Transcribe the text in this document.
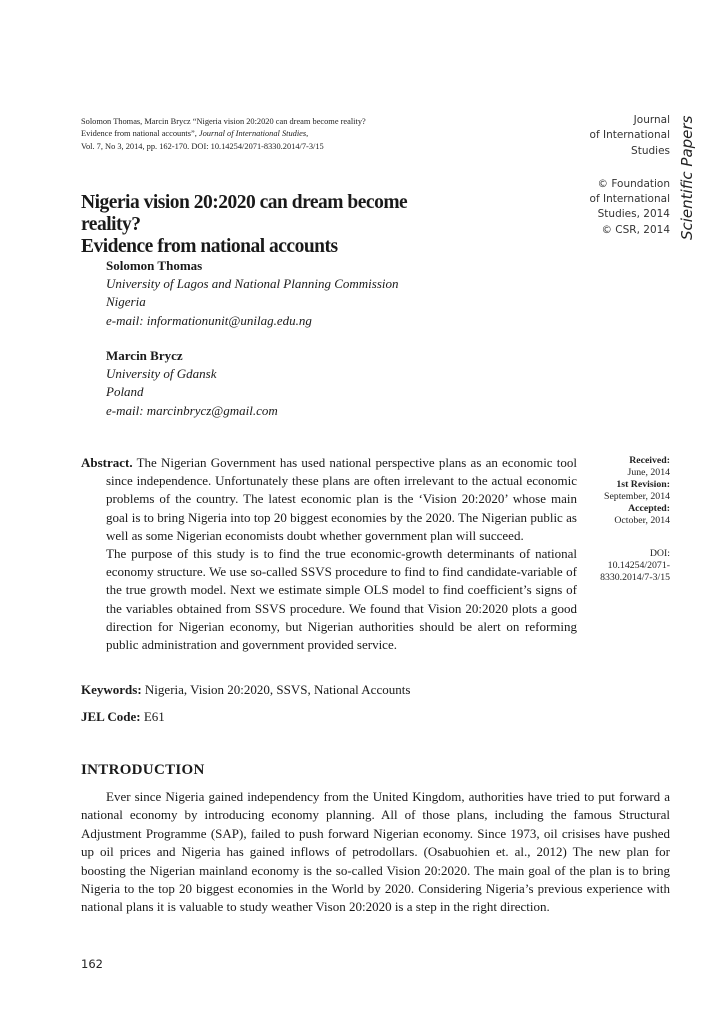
Solomon Thomas, Marcin Brycz “Nigeria vision 20:2020 can dream become reality?
Evidence from national accounts”, Journal of International Studies,
Vol. 7, No 3, 2014, pp. 162-170. DOI: 10.14254/2071-8330.2014/7-3/15
Journal
of International
Studies
© Foundation
of International
Studies, 2014
© CSR, 2014 Scientific Papers
Nigeria vision 20:2020 can dream become reality?
Evidence from national accounts
Solomon Thomas
University of Lagos and National Planning Commission
Nigeria
e-mail: informationunit@unilag.edu.ng
Marcin Brycz
University of Gdansk
Poland
e-mail: marcinbrycz@gmail.com
Abstract. The Nigerian Government has used national perspective plans as an economic tool since independence. Unfortunately these plans are often irrelevant to the actual economic problems of the country. The latest economic plan is the ‘Vision 20:2020’ whose main goal is to bring Nigeria into top 20 biggest economies by the 2020. The Nigerian public as well as some Nigerian economists doubt whether government plan will succeed.
The purpose of this study is to find the true economic-growth determinants of national economy structure. We use so-called SSVS procedure to find to find candidate-variable of the true growth model. Next we estimate simple OLS model to find coefficient’s signs of the variables obtained from SSVS procedure. We found that Vision 20:2020 plots a good direction for Nigerian economy, but Nigerian authorities should be alert on reforming public administration and government provided service.
Received:
June, 2014
1st Revision:
September, 2014
Accepted:
October, 2014
DOI:
10.14254/2071-
8330.2014/7-3/15
Keywords: Nigeria, Vision 20:2020, SSVS, National Accounts
JEL Code: E61
INTRODUCTION
Ever since Nigeria gained independency from the United Kingdom, authorities have tried to put forward a national economy by introducing economy planning. All of those plans, including the famous Structural Adjustment Programme (SAP), failed to push forward Nigerian economy. Since 1973, oil crisises have pushed up oil prices and Nigeria has gained inflows of petrodollars. (Osabuohien et. al., 2012) The new plan for boosting the Nigerian mainland economy is the so-called Vision 20:2020. The main goal of the plan is to bring Nigeria to the top 20 biggest economies in the World by 2020. Considering Nigeria’s previous experience with national plans it is valuable to study weather Vison 20:2020 is a step in the right direction.
162
